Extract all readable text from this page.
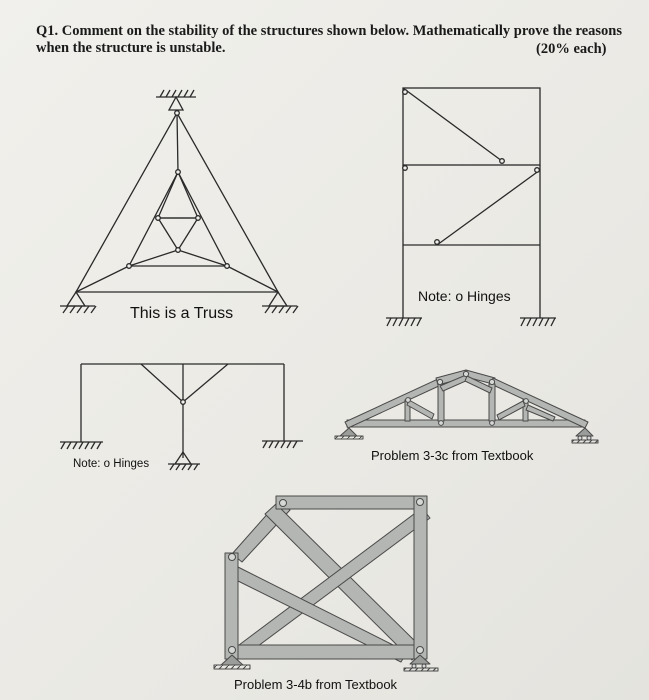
Q1. Comment on the stability of the structures shown below. Mathematically prove the reasons
when the structure is unstable.	(20% each)
This is a Truss
Note: o Hinges
Note: o Hinges
Problem 3-3c from Textbook
Problem 3-4b from Textbook
